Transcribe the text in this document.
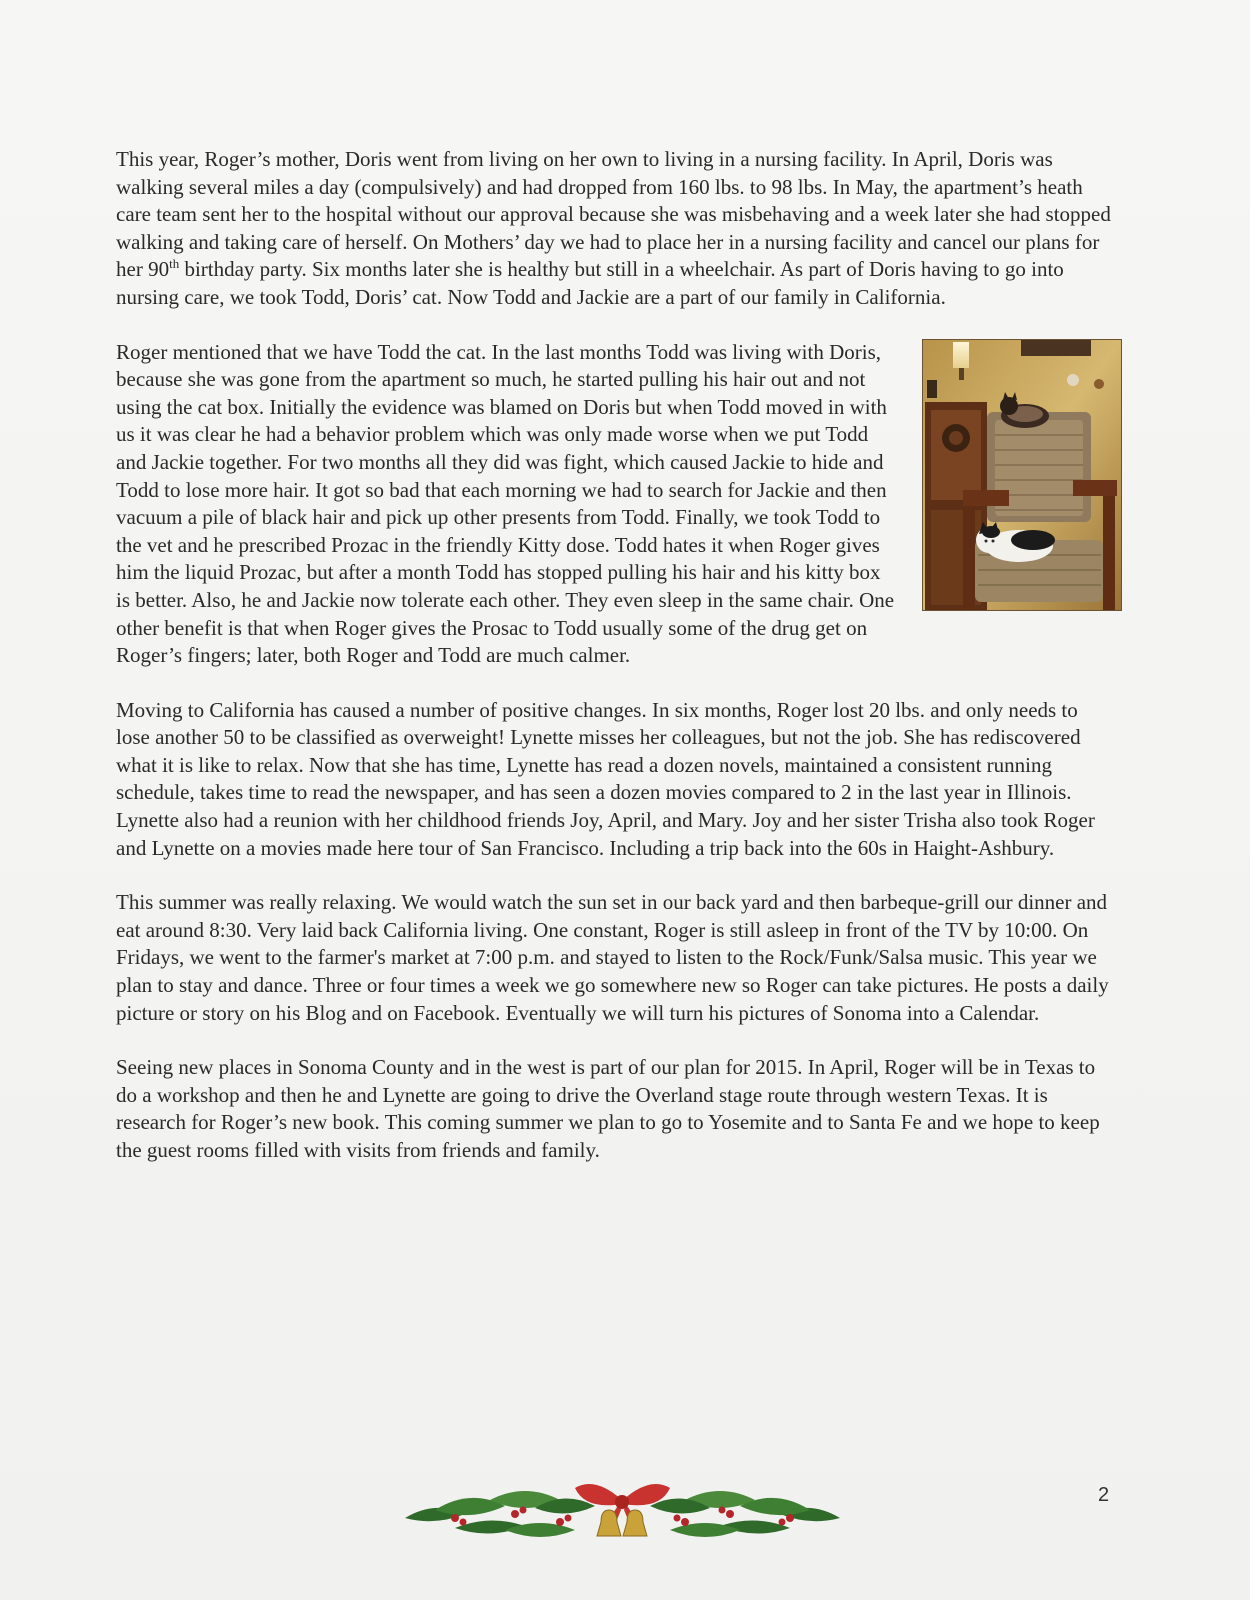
This year, Roger’s mother, Doris went from living on her own to living in a nursing facility. In April, Doris was walking several miles a day (compulsively) and had dropped from 160 lbs. to 98 lbs. In May, the apartment’s heath care team sent her to the hospital without our approval because she was misbehaving and a week later she had stopped walking and taking care of herself. On Mothers’ day we had to place her in a nursing facility and cancel our plans for her 90th birthday party. Six months later she is healthy but still in a wheelchair. As part of Doris having to go into nursing care, we took Todd, Doris’ cat. Now Todd and Jackie are a part of our family in California.

Roger mentioned that we have Todd the cat. In the last months Todd was living with Doris, because she was gone from the apartment so much, he started pulling his hair out and not using the cat box. Initially the evidence was blamed on Doris but when Todd moved in with us it was clear he had a behavior problem which was only made worse when we put Todd and Jackie together. For two months all they did was fight, which caused Jackie to hide and Todd to lose more hair. It got so bad that each morning we had to search for Jackie and then vacuum a pile of black hair and pick up other presents from Todd. Finally, we took Todd to the vet and he prescribed Prozac in the friendly Kitty dose. Todd hates it when Roger gives him the liquid Prozac, but after a month Todd has stopped pulling his hair and his kitty box is better. Also, he and Jackie now tolerate each other. They even sleep in the same chair. One other benefit is that when Roger gives the Prosac to Todd usually some of the drug get on Roger’s fingers; later, both Roger and Todd are much calmer.

Moving to California has caused a number of positive changes. In six months, Roger lost 20 lbs. and only needs to lose another 50 to be classified as overweight! Lynette misses her colleagues, but not the job. She has rediscovered what it is like to relax. Now that she has time, Lynette has read a dozen novels, maintained a consistent running schedule, takes time to read the newspaper, and has seen a dozen movies compared to 2 in the last year in Illinois. Lynette also had a reunion with her childhood friends Joy, April, and Mary. Joy and her sister Trisha also took Roger and Lynette on a movies made here tour of San Francisco. Including a trip back into the 60s in Haight-Ashbury.

This summer was really relaxing. We would watch the sun set in our back yard and then barbeque-grill our dinner and eat around 8:30. Very laid back California living. One constant, Roger is still asleep in front of the TV by 10:00. On Fridays, we went to the farmer's market at 7:00 p.m. and stayed to listen to the Rock/Funk/Salsa music. This year we plan to stay and dance. Three or four times a week we go somewhere new so Roger can take pictures. He posts a daily picture or story on his Blog and on Facebook. Eventually we will turn his pictures of Sonoma into a Calendar.

Seeing new places in Sonoma County and in the west is part of our plan for 2015. In April, Roger will be in Texas to do a workshop and then he and Lynette are going to drive the Overland stage route through western Texas. It is research for Roger’s new book. This coming summer we plan to go to Yosemite and to Santa Fe and we hope to keep the guest rooms filled with visits from friends and family.

2
